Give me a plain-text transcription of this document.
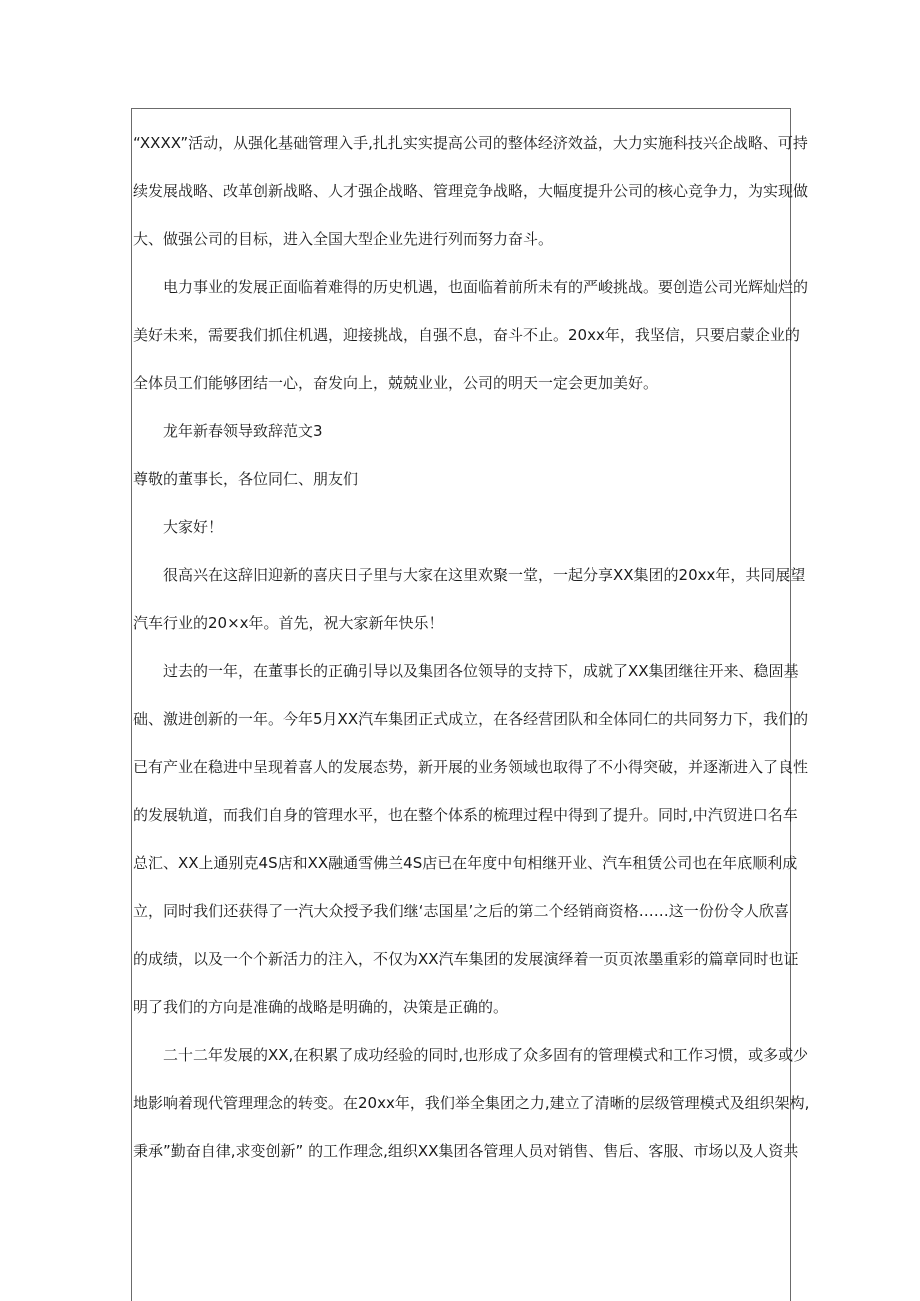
“XXXX”活动，从强化基础管理入手,扎扎实实提高公司的整体经济效益，大力实施科技兴企战略、可持
续发展战略、改革创新战略、人才强企战略、管理竞争战略，大幅度提升公司的核心竞争力，为实现做
大、做强公司的目标，进入全国大型企业先进行列而努力奋斗。
电力事业的发展正面临着难得的历史机遇，也面临着前所未有的严峻挑战。要创造公司光辉灿烂的
美好未来，需要我们抓住机遇，迎接挑战，自强不息，奋斗不止。20xx年，我坚信，只要启蒙企业的
全体员工们能够团结一心，奋发向上，兢兢业业，公司的明天一定会更加美好。
龙年新春领导致辞范文3
尊敬的董事长，各位同仁、朋友们
大家好！
很高兴在这辞旧迎新的喜庆日子里与大家在这里欢聚一堂，一起分享XX集团的20xx年，共同展望
汽车行业的20×x年。首先，祝大家新年快乐！
过去的一年，在董事长的正确引导以及集团各位领导的支持下，成就了XX集团继往开来、稳固基
础、激进创新的一年。今年5月XX汽车集团正式成立，在各经营团队和全体同仁的共同努力下，我们的
已有产业在稳进中呈现着喜人的发展态势，新开展的业务领域也取得了不小得突破，并逐渐进入了良性
的发展轨道，而我们自身的管理水平，也在整个体系的梳理过程中得到了提升。同时,中汽贸进口名车
总汇、XX上通别克4S店和XX融通雪佛兰4S店已在年度中旬相继开业、汽车租赁公司也在年底顺利成
立，同时我们还获得了一汽大众授予我们继‘志国星’之后的第二个经销商资格……这一份份令人欣喜
的成绩，以及一个个新活力的注入，不仅为XX汽车集团的发展演绎着一页页浓墨重彩的篇章同时也证
明了我们的方向是准确的战略是明确的，决策是正确的。
二十二年发展的XX,在积累了成功经验的同时,也形成了众多固有的管理模式和工作习惯，或多或少
地影响着现代管理理念的转变。在20xx年，我们举全集团之力,建立了清晰的层级管理模式及组织架构,
秉承”勤奋自律,求变创新” 的工作理念,组织XX集团各管理人员对销售、售后、客服、市场以及人资共
